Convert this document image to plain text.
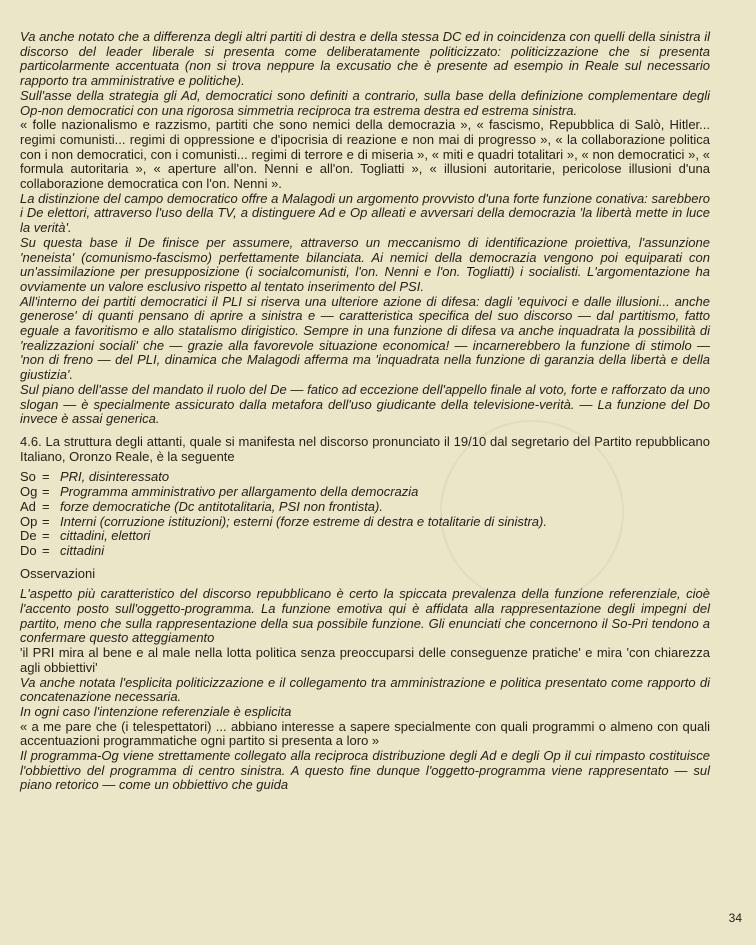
Va anche notato che a differenza degli altri partiti di destra e della stessa DC ed in coincidenza con quelli della sinistra il discorso del leader liberale si presenta come deliberatamente politicizzato: politicizzazione che si presenta particolarmente accentuata (non si trova neppure la excusatio che è presente ad esempio in Reale sul necessario rapporto tra amministrative e politiche).

Sull'asse della strategia gli Ad, democratici sono definiti a contrario, sulla base della definizione complementare degli Op-non democratici con una rigorosa simmetria reciproca tra estrema destra ed estrema sinistra.

« folle nazionalismo e razzismo, partiti che sono nemici della democrazia », « fascismo, Repubblica di Salò, Hitler... regimi comunisti... regimi di oppressione e d'ipocrisia di reazione e non mai di progresso », « la collaborazione politica con i non democratici, con i comunisti... regimi di terrore e di miseria », « miti e quadri totalitari », « non democratici », « formula autoritaria », « aperture all'on. Nenni e all'on. Togliatti », « illusioni autoritarie, pericolose illusioni d'una collaborazione democratica con l'on. Nenni ».

La distinzione del campo democratico offre a Malagodi un argomento provvisto d'una forte funzione conativa: sarebbero i De elettori, attraverso l'uso della TV, a distinguere Ad e Op alleati e avversari della democrazia 'la libertà mette in luce la verità'.

Su questa base il De finisce per assumere, attraverso un meccanismo di identificazione proiettiva, l'assunzione 'neneista' (comunismo-fascismo) perfettamente bilanciata. Ai nemici della democrazia vengono poi equiparati con un'assimilazione per presupposizione (i socialcomunisti, l'on. Nenni e l'on. Togliatti) i socialisti. L'argomentazione ha ovviamente un valore esclusivo rispetto al tentato inserimento del PSI.

All'interno dei partiti democratici il PLI si riserva una ulteriore azione di difesa: dagli 'equivoci e dalle illusioni... anche generose' di quanti pensano di aprire a sinistra e — caratteristica specifica del suo discorso — dal partitismo, fatto eguale a favoritismo e allo statalismo dirigistico. Sempre in una funzione di difesa va anche inquadrata la possibilità di 'realizzazioni sociali' che — grazie alla favorevole situazione economica! — incarnerebbero la funzione di stimolo — 'non di freno — del PLI, dinamica che Malagodi afferma ma 'inquadrata nella funzione di garanzia della libertà e della giustizia'.

Sul piano dell'asse del mandato il ruolo del De — fatico ad eccezione dell'appello finale al voto, forte e rafforzato da uno slogan — è specialmente assicurato dalla metafora dell'uso giudicante della televisione-verità. — La funzione del Do invece è assai generica.

4.6. La struttura degli attanti, quale si manifesta nel discorso pronunciato il 19/10 dal segretario del Partito repubblicano Italiano, Oronzo Reale, è la seguente

So = PRI, disinteressato
Og = Programma amministrativo per allargamento della democrazia
Ad = forze democratiche (Dc antitotalitaria, PSI non frontista).
Op = Interni (corruzione istituzioni); esterni (forze estreme di destra e totalitarie di sinistra).
De = cittadini, elettori
Do = cittadini

Osservazioni

L'aspetto più caratteristico del discorso repubblicano è certo la spiccata prevalenza della funzione referenziale, cioè l'accento posto sull'oggetto-programma. La funzione emotiva qui è affidata alla rappresentazione degli impegni del partito, meno che sulla rappresentazione della sua possibile funzione. Gli enunciati che concernono il So-Pri tendono a confermare questo atteggiamento

'il PRI mira al bene e al male nella lotta politica senza preoccuparsi delle conseguenze pratiche' e mira 'con chiarezza agli obbiettivi'

Va anche notata l'esplicita politicizzazione e il collegamento tra amministrazione e politica presentato come rapporto di concatenazione necessaria.

In ogni caso l'intenzione referenziale è esplicita

« a me pare che (i telespettatori) ... abbiano interesse a sapere specialmente con quali programmi o almeno con quali accentuazioni programmatiche ogni partito si presenta a loro »

Il programma-Og viene strettamente collegato alla reciproca distribuzione degli Ad e degli Op il cui rimpasto costituisce l'obbiettivo del programma di centro sinistra. A questo fine dunque l'oggetto-programma viene rappresentato — sul piano retorico — come un obbiettivo che guida

34
